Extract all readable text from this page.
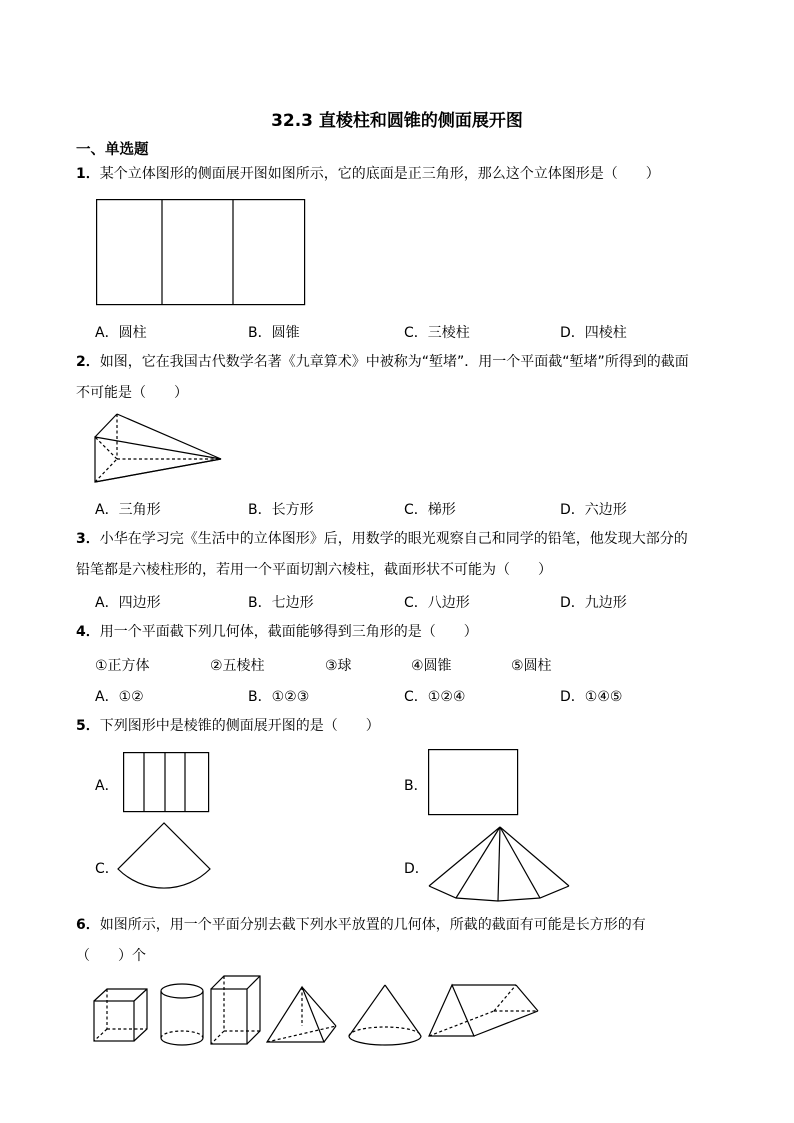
32.3 直棱柱和圆锥的侧面展开图
一、单选题
1．某个立体图形的侧面展开图如图所示，它的底面是正三角形，那么这个立体图形是（　　）
A．圆柱	B．圆锥	C．三棱柱	D．四棱柱
2．如图，它在我国古代数学名著《九章算术》中被称为“堑堵”．用一个平面截“堑堵”所得到的截面
不可能是（　　）
A．三角形	B．长方形	C．梯形	D．六边形
3．小华在学习完《生活中的立体图形》后，用数学的眼光观察自己和同学的铅笔，他发现大部分的
铅笔都是六棱柱形的，若用一个平面切割六棱柱，截面形状不可能为（　　）
A．四边形	B．七边形	C．八边形	D．九边形
4．用一个平面截下列几何体，截面能够得到三角形的是（　　）
①正方体	②五棱柱	③球	④圆锥	⑤圆柱
A．①②	B．①②③	C．①②④	D．①④⑤
5．下列图形中是棱锥的侧面展开图的是（　　）
A．	B．
C．	D．
6．如图所示，用一个平面分别去截下列水平放置的几何体，所截的截面有可能是长方形的有
（　　）个
